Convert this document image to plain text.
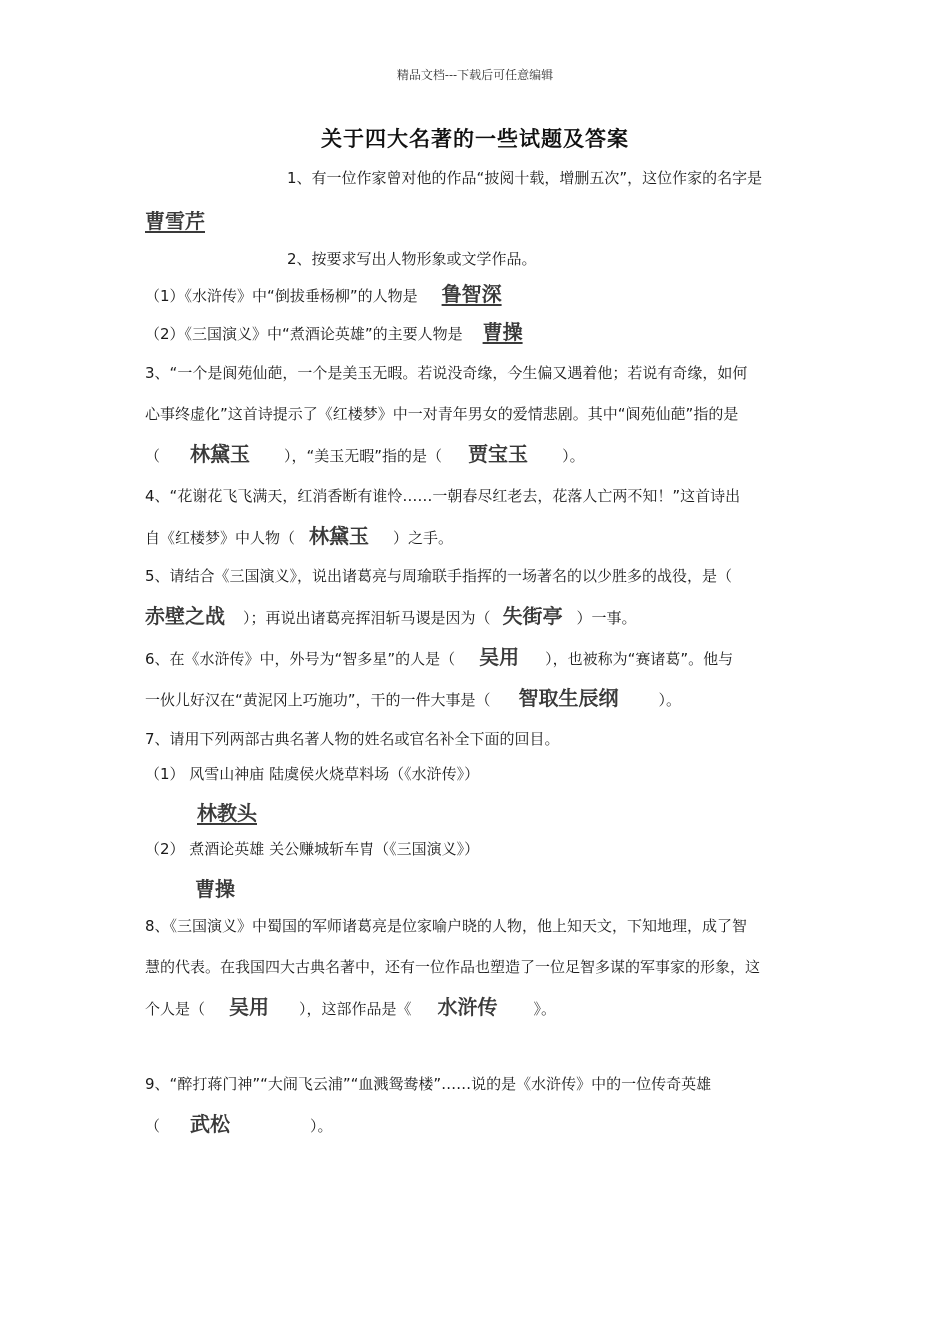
精品文档---下载后可任意编辑
关于四大名著的一些试题及答案
1、有一位作家曾对他的作品“披阅十载，增删五次”，这位作家的名字是
曹雪芹
2、按要求写出人物形象或文学作品。
（1）《水浒传》中“倒拔垂杨柳”的人物是 鲁智深
（2）《三国演义》中“煮酒论英雄”的主要人物是 曹操
3、“一个是阆苑仙葩，一个是美玉无暇。若说没奇缘，今生偏又遇着他；若说有奇缘，如何
心事终虚化”这首诗提示了《红楼梦》中一对青年男女的爱情悲剧。其中“阆苑仙葩”指的是
（ 林黛玉 ），“美玉无暇”指的是（ 贾宝玉 ）。
4、“花谢花飞飞满天，红消香断有谁怜……一朝春尽红老去，花落人亡两不知！”这首诗出
自《红楼梦》中人物（ 林黛玉 ）之手。
5、请结合《三国演义》，说出诸葛亮与周瑜联手指挥的一场著名的以少胜多的战役，是（
赤壁之战 ）；再说出诸葛亮挥泪斩马谡是因为（ 失街亭 ）一事。
6、在《水浒传》中，外号为“智多星”的人是（ 吴用 ），也被称为“赛诸葛”。他与
一伙儿好汉在“黄泥冈上巧施功”，干的一件大事是（ 智取生辰纲	）。
7、请用下列两部古典名著人物的姓名或官名补全下面的回目。
（1） 风雪山神庙 陆虞侯火烧草料场（《水浒传》）
林教头
（2） 煮酒论英雄 关公赚城斩车胄（《三国演义》）
曹操
8、《三国演义》中蜀国的军师诸葛亮是位家喻户晓的人物，他上知天文，下知地理，成了智
慧的代表。在我国四大古典名著中，还有一位作品也塑造了一位足智多谋的军事家的形象，这
个人是（ 吴用 ），这部作品是《 水浒传 》。
9、“醉打蒋门神”“大闹飞云浦”“血溅鸳鸯楼”……说的是《水浒传》中的一位传奇英雄
（ 武松	）。
